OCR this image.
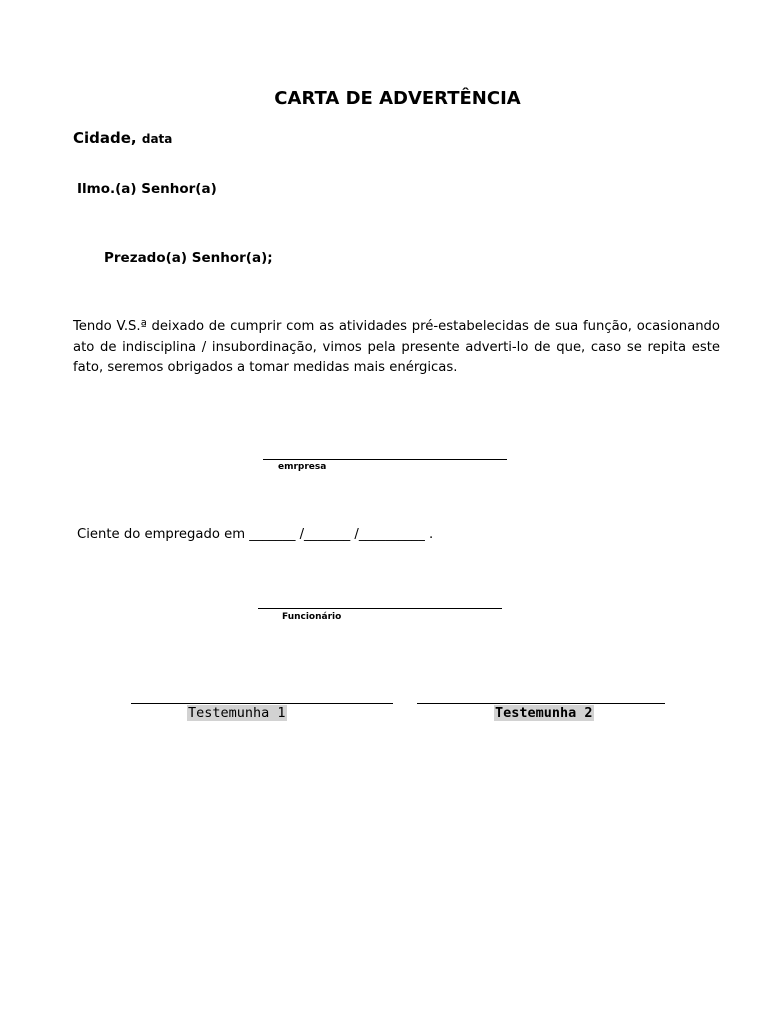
CARTA DE ADVERTÊNCIA
Cidade, data
Ilmo.(a) Senhor(a)
Prezado(a) Senhor(a);
Tendo V.S.ª deixado de cumprir com as atividades pré-estabelecidas de sua função, ocasionando ato de indisciplina / insubordinação, vimos pela presente adverti-lo de que, caso se repita este fato, seremos obrigados a tomar medidas mais enérgicas.
emrpresa
Ciente do empregado em _______ /_______ /__________ .
Funcionário
Testemunha 1	Testemunha 2
